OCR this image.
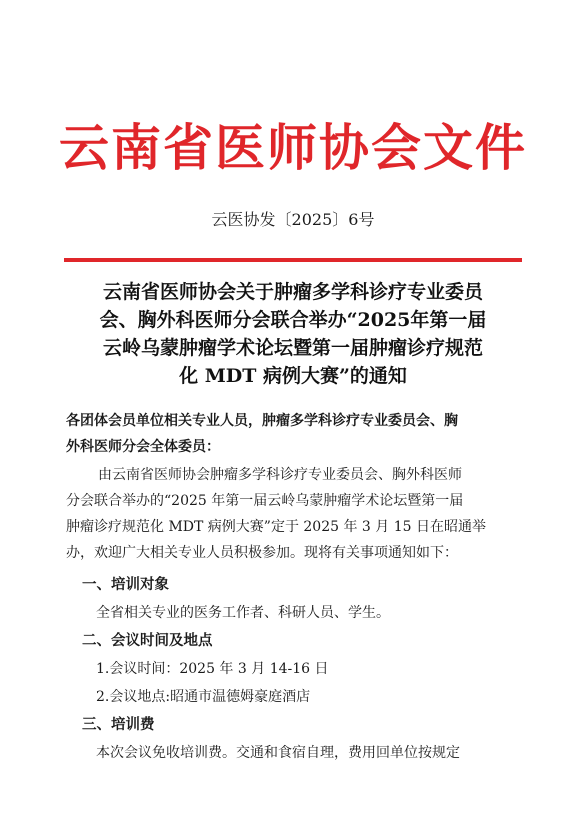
云南省医师协会文件
云医协发〔2025〕6号
云南省医师协会关于肿瘤多学科诊疗专业委员
会、胸外科医师分会联合举办“2025年第一届
云岭乌蒙肿瘤学术论坛暨第一届肿瘤诊疗规范
化 MDT 病例大赛”的通知
各团体会员单位相关专业人员，肿瘤多学科诊疗专业委员会、胸
外科医师分会全体委员：
由云南省医师协会肿瘤多学科诊疗专业委员会、胸外科医师
分会联合举办的“2025 年第一届云岭乌蒙肿瘤学术论坛暨第一届
肿瘤诊疗规范化 MDT 病例大赛”定于 2025 年 3 月 15 日在昭通举
办，欢迎广大相关专业人员积极参加。现将有关事项通知如下：
一、培训对象
全省相关专业的医务工作者、科研人员、学生。
二、会议时间及地点
1.会议时间：2025 年 3 月 14-16 日
2.会议地点:昭通市温德姆豪庭酒店
三、培训费
本次会议免收培训费。交通和食宿自理，费用回单位按规定
